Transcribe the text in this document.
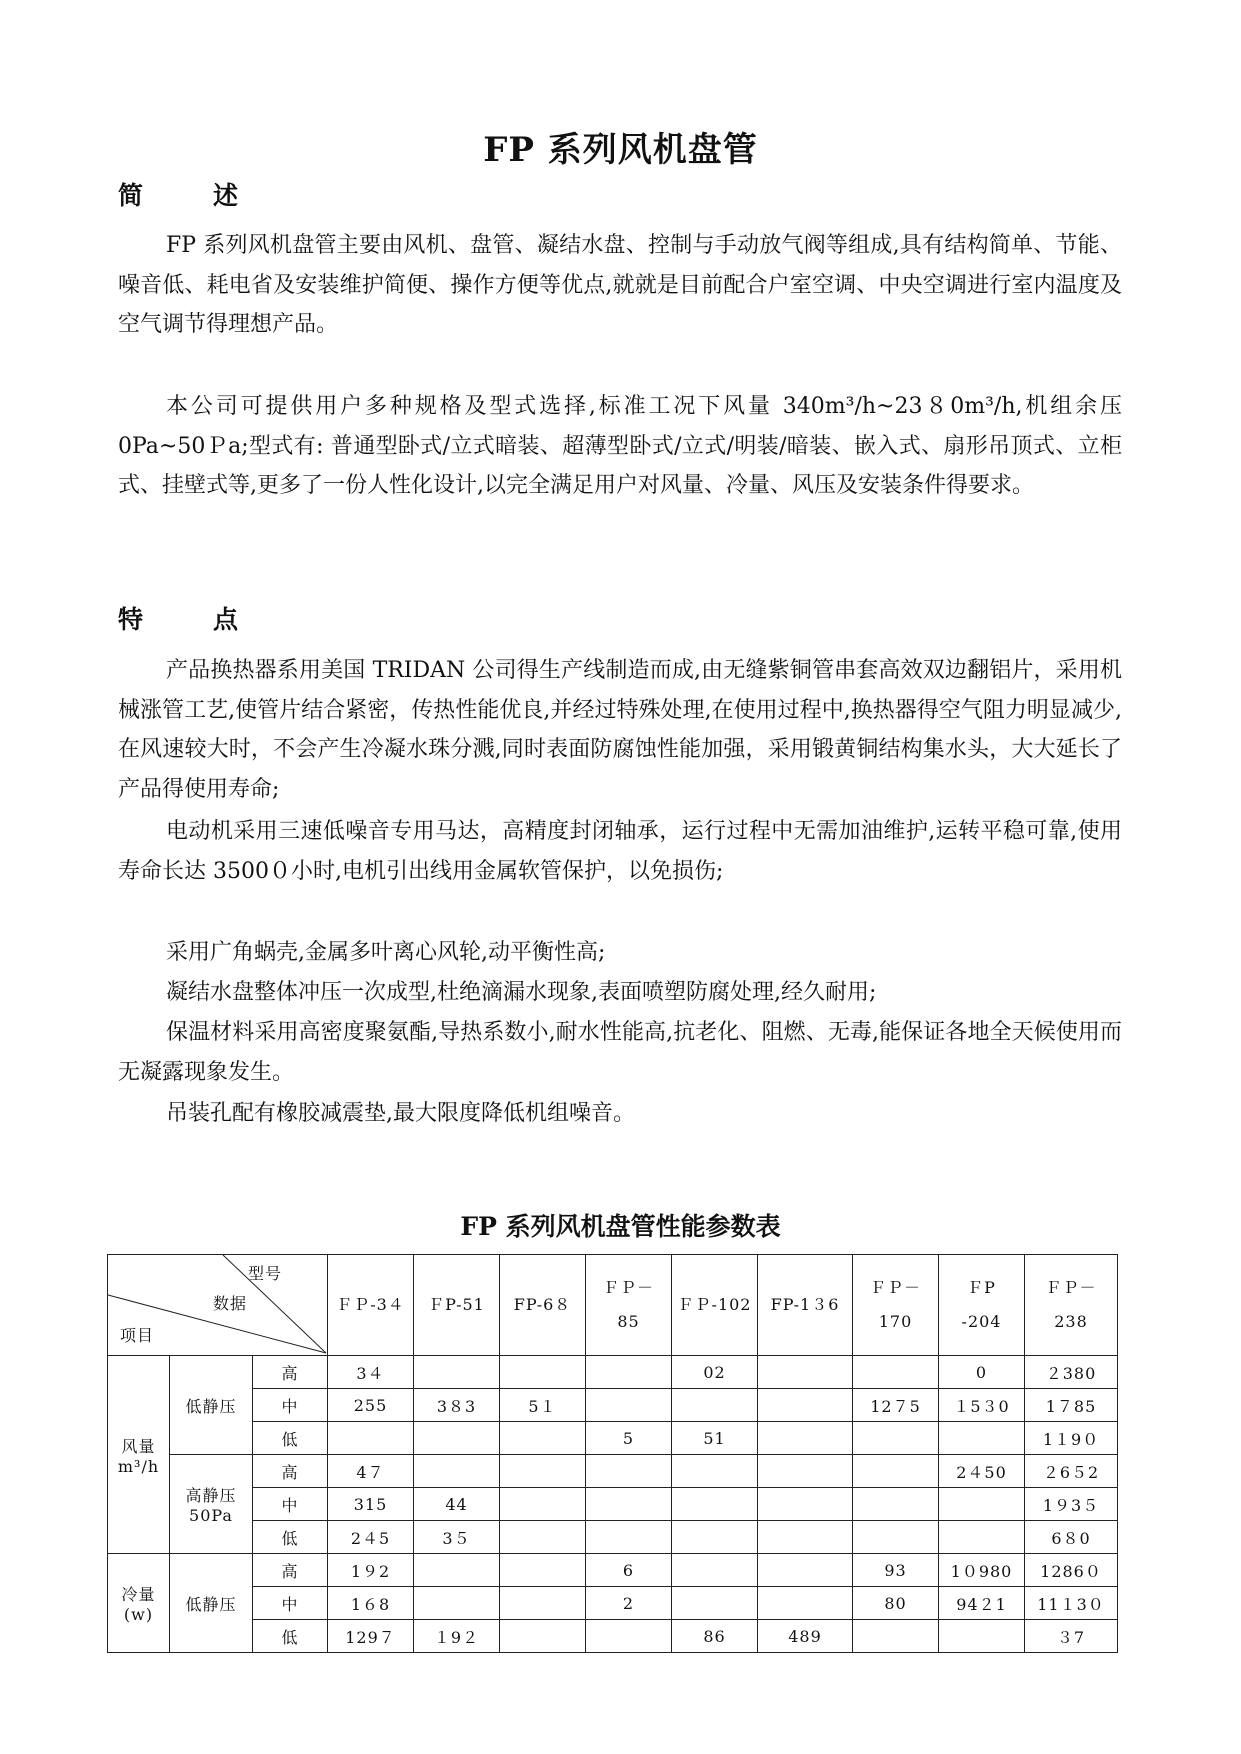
FP 系列风机盘管
简	述

FP 系列风机盘管主要由风机、盘管、凝结水盘、控制与手动放气阀等组成,具有结构简单、节能、噪音低、耗电省及安装维护简便、操作方便等优点,就就是目前配合户室空调、中央空调进行室内温度及空气调节得理想产品。

本公司可提供用户多种规格及型式选择,标准工况下风量 340m³/h~23８0m³/h,机组余压 0Pa~50Ｐa;型式有: 普通型卧式/立式暗装、超薄型卧式/立式/明装/暗装、嵌入式、扇形吊顶式、立柜式、挂壁式等,更多了一份人性化设计,以完全满足用户对风量、冷量、风压及安装条件得要求。

特	点

产品换热器系用美国 TRIDAN 公司得生产线制造而成,由无缝紫铜管串套高效双边翻铝片，采用机械涨管工艺,使管片结合紧密，传热性能优良,并经过特殊处理,在使用过程中,换热器得空气阻力明显减少,在风速较大时，不会产生冷凝水珠分溅,同时表面防腐蚀性能加强，采用锻黄铜结构集水头，大大延长了产品得使用寿命;

电动机采用三速低噪音专用马达，高精度封闭轴承，运行过程中无需加油维护,运转平稳可靠,使用寿命长达 3500０小时,电机引出线用金属软管保护，以免损伤;

采用广角蜗壳,金属多叶离心风轮,动平衡性高;

凝结水盘整体冲压一次成型,杜绝滴漏水现象,表面喷塑防腐处理,经久耐用;

保温材料采用高密度聚氨酯,导热系数小,耐水性能高,抗老化、阻燃、无毒,能保证各地全天候使用而无凝露现象发生。

吊装孔配有橡胶减震垫,最大限度降低机组噪音。

FP 系列风机盘管性能参数表
型号
数据
项目			ＦＰ-3４	ＦP-51	FP-6８	ＦＰ－
85	ＦＰ-102	FP-1３6	ＦＰ－
170	ＦP
-204	ＦＰ－
238
风量
m³/h	低静压	高	3４				02			0	２380
		中	255	3８3	5１				12７5	１5３0	1７85
		低				5	51				1１9０
	高静压
50Pa	高	4７							2４50	２6５2
		中	315	44							1９3５
		低	2４5	3５							6８0
冷量
(w)	低静压	高	1９2			6			93	1０980	1286０
		中	1６8			2			80	94２1	11１3０
		低	129７	１9２			86	489			３7
